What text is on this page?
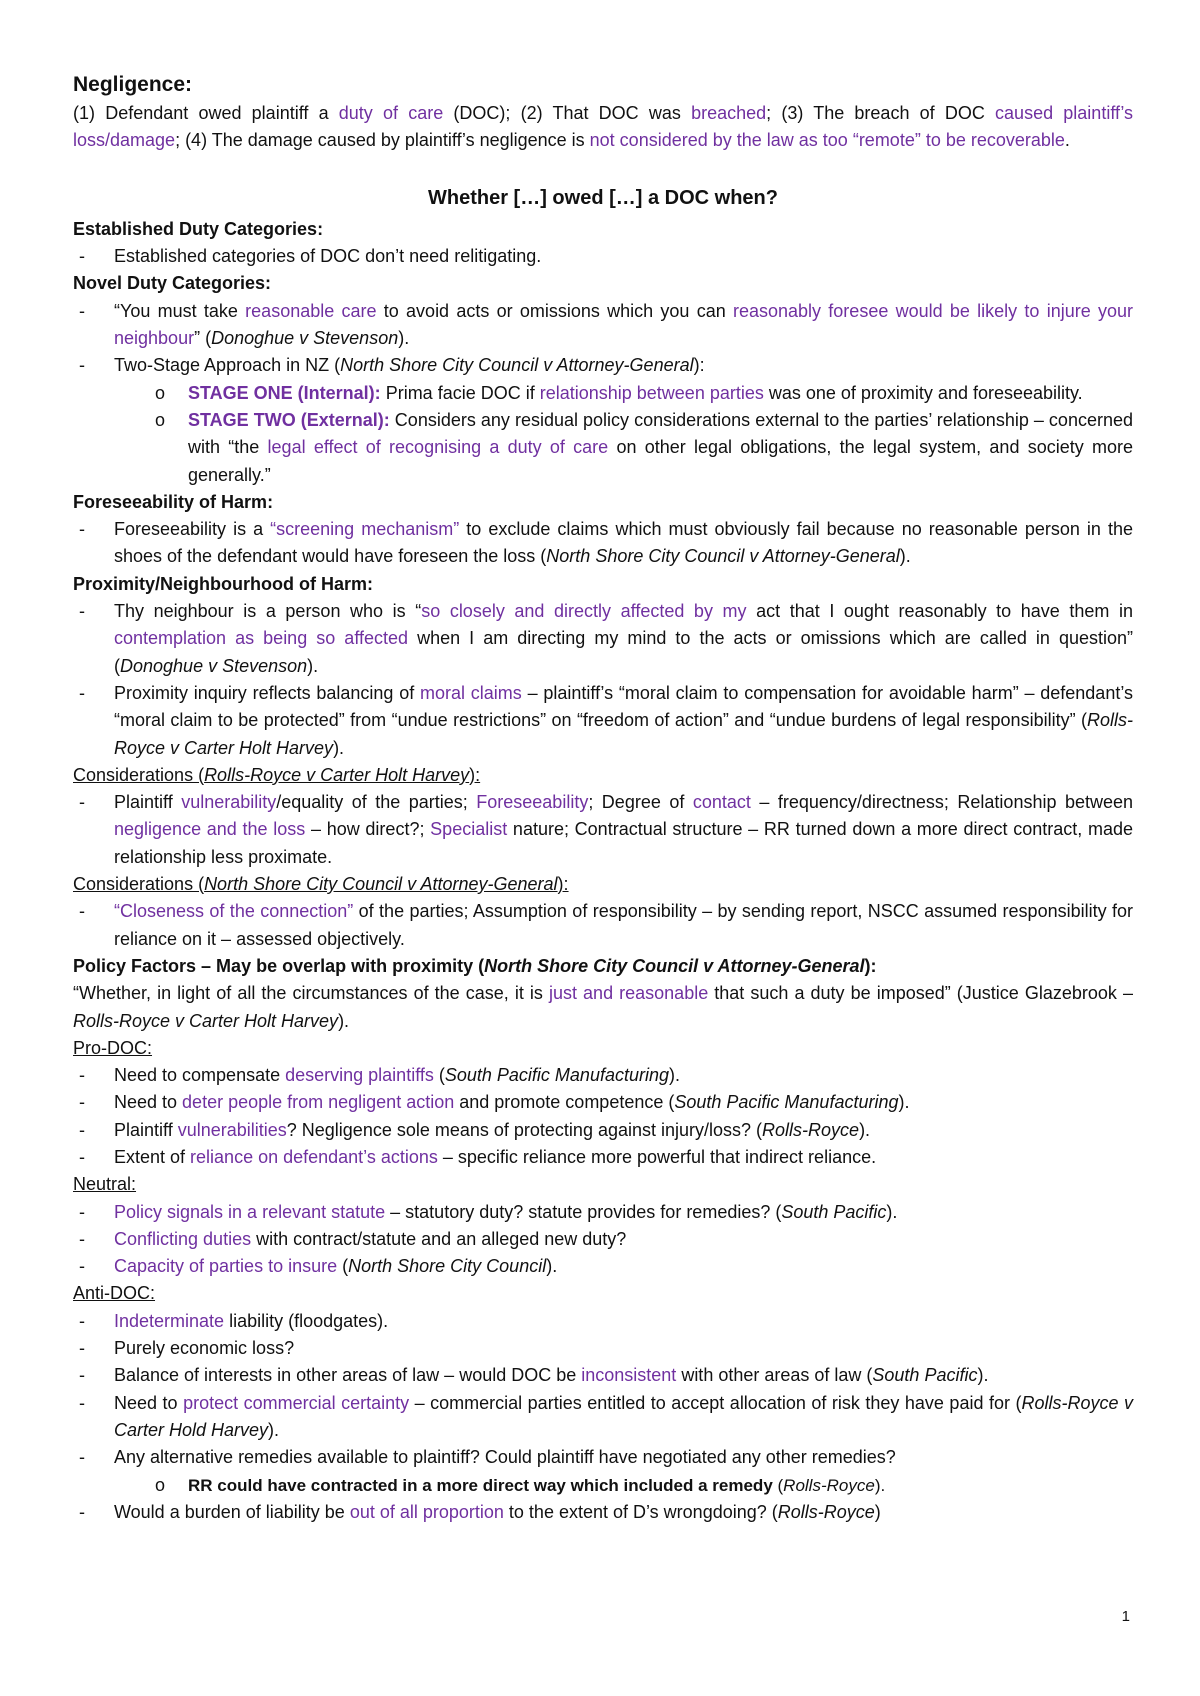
Negligence:

(1) Defendant owed plaintiff a duty of care (DOC); (2) That DOC was breached; (3) The breach of DOC caused plaintiff’s loss/damage; (4) The damage caused by plaintiff’s negligence is not considered by the law as too “remote” to be recoverable.

Whether […] owed […] a DOC when?

Established Duty Categories:

- Established categories of DOC don’t need relitigating.

Novel Duty Categories:

- “You must take reasonable care to avoid acts or omissions which you can reasonably foresee would be likely to injure your neighbour” (Donoghue v Stevenson).
- Two-Stage Approach in NZ (North Shore City Council v Attorney-General):
o STAGE ONE (Internal): Prima facie DOC if relationship between parties was one of proximity and foreseeability.
o STAGE TWO (External): Considers any residual policy considerations external to the parties’ relationship – concerned with “the legal effect of recognising a duty of care on other legal obligations, the legal system, and society more generally.”

Foreseeability of Harm:

- Foreseeability is a “screening mechanism” to exclude claims which must obviously fail because no reasonable person in the shoes of the defendant would have foreseen the loss (North Shore City Council v Attorney-General).

Proximity/Neighbourhood of Harm:

- Thy neighbour is a person who is “so closely and directly affected by my act that I ought reasonably to have them in contemplation as being so affected when I am directing my mind to the acts or omissions which are called in question” (Donoghue v Stevenson).
- Proximity inquiry reflects balancing of moral claims – plaintiff’s “moral claim to compensation for avoidable harm” – defendant’s “moral claim to be protected” from “undue restrictions” on “freedom of action” and “undue burdens of legal responsibility” (Rolls-Royce v Carter Holt Harvey).

Considerations (Rolls-Royce v Carter Holt Harvey):

- Plaintiff vulnerability/equality of the parties; Foreseeability; Degree of contact – frequency/directness; Relationship between negligence and the loss – how direct?; Specialist nature; Contractual structure – RR turned down a more direct contract, made relationship less proximate.

Considerations (North Shore City Council v Attorney-General):

- “Closeness of the connection” of the parties; Assumption of responsibility – by sending report, NSCC assumed responsibility for reliance on it – assessed objectively.

Policy Factors – May be overlap with proximity (North Shore City Council v Attorney-General):

“Whether, in light of all the circumstances of the case, it is just and reasonable that such a duty be imposed” (Justice Glazebrook – Rolls-Royce v Carter Holt Harvey).

Pro-DOC:

- Need to compensate deserving plaintiffs (South Pacific Manufacturing).
- Need to deter people from negligent action and promote competence (South Pacific Manufacturing).
- Plaintiff vulnerabilities? Negligence sole means of protecting against injury/loss? (Rolls-Royce).
- Extent of reliance on defendant’s actions – specific reliance more powerful that indirect reliance.

Neutral:

- Policy signals in a relevant statute – statutory duty? statute provides for remedies? (South Pacific).
- Conflicting duties with contract/statute and an alleged new duty?
- Capacity of parties to insure (North Shore City Council).

Anti-DOC:

- Indeterminate liability (floodgates).
- Purely economic loss?
- Balance of interests in other areas of law – would DOC be inconsistent with other areas of law (South Pacific).
- Need to protect commercial certainty – commercial parties entitled to accept allocation of risk they have paid for (Rolls-Royce v Carter Hold Harvey).
- Any alternative remedies available to plaintiff? Could plaintiff have negotiated any other remedies?
o RR could have contracted in a more direct way which included a remedy (Rolls-Royce).
- Would a burden of liability be out of all proportion to the extent of D’s wrongdoing? (Rolls-Royce)
1
